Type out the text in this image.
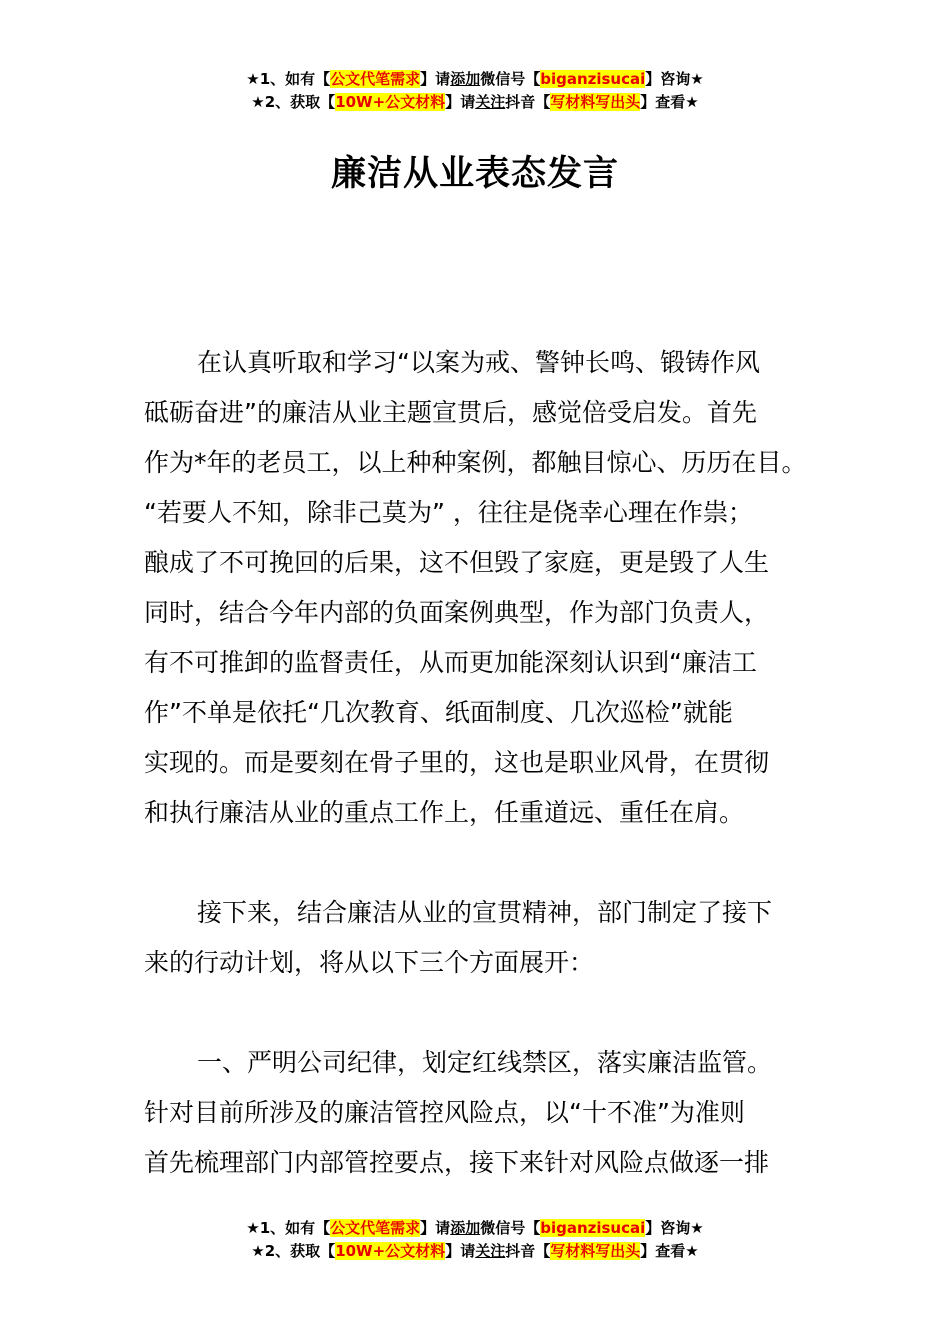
★1、如有【公文代笔需求】请添加微信号【biganzisucai】咨询★
★2、获取【10W+公文材料】请关注抖音【写材料写出头】查看★
廉洁从业表态发言
在认真听取和学习“以案为戒、警钟长鸣、锻铸作风
砥砺奋进”的廉洁从业主题宣贯后，感觉倍受启发。首先
作为*年的老员工，以上种种案例，都触目惊心、历历在目。
“若要人不知，除非己莫为” ，往往是侥幸心理在作祟；
酿成了不可挽回的后果，这不但毁了家庭，更是毁了人生
同时，结合今年内部的负面案例典型，作为部门负责人，
有不可推卸的监督责任，从而更加能深刻认识到“廉洁工
作”不单是依托“几次教育、纸面制度、几次巡检”就能
实现的。而是要刻在骨子里的，这也是职业风骨，在贯彻
和执行廉洁从业的重点工作上，任重道远、重任在肩。
接下来，结合廉洁从业的宣贯精神，部门制定了接下
来的行动计划，将从以下三个方面展开：
一、严明公司纪律，划定红线禁区，落实廉洁监管。
针对目前所涉及的廉洁管控风险点，以“十不准”为准则
首先梳理部门内部管控要点，接下来针对风险点做逐一排
★1、如有【公文代笔需求】请添加微信号【biganzisucai】咨询★
★2、获取【10W+公文材料】请关注抖音【写材料写出头】查看★
